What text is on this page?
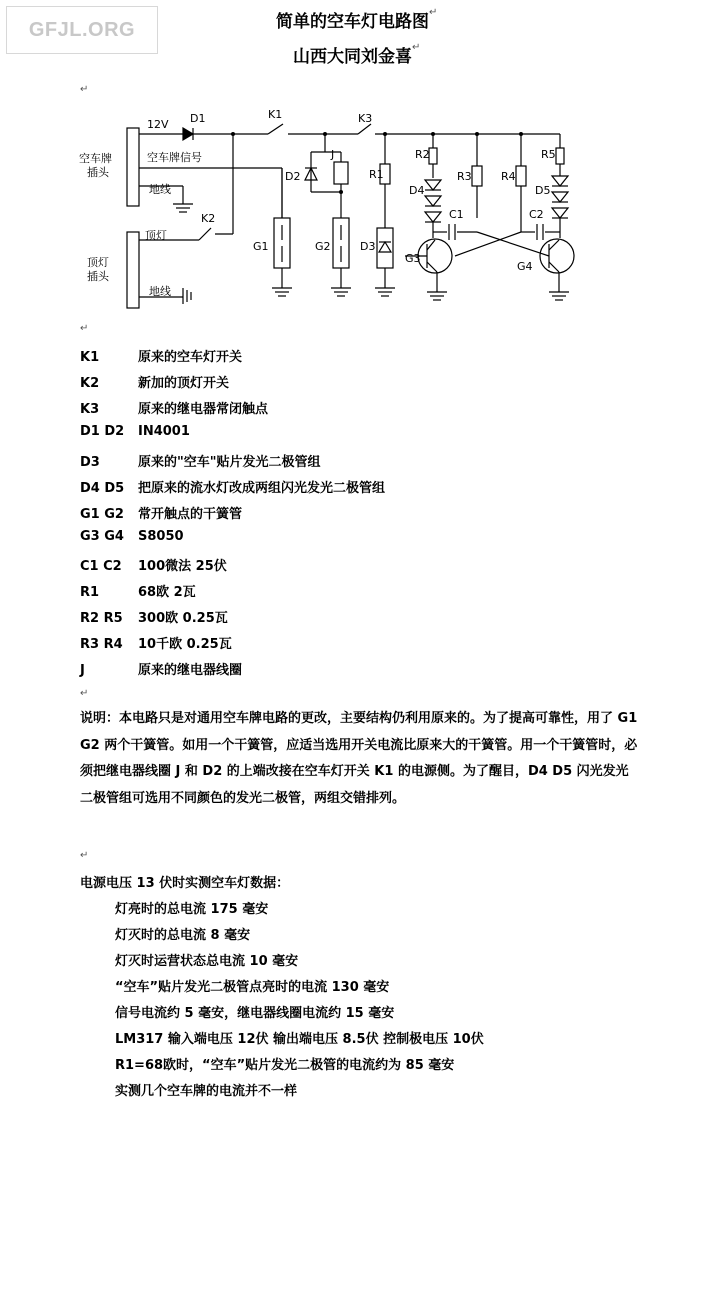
GFJL.ORG	简单的空车灯电路图 ↵
山西大同刘金喜 ↵
↵
12V
空车牌信号
地线
顶灯
地线
空车牌
插头
顶灯
插头
D1	K1	K3
K2
D2
J
R1
R2
R3	R4
R5
D4	D5
C1	C2
G1	G2	D3
G3
G4
↵
K1	原来的空车灯开关
K2	新加的顶灯开关
K3	原来的继电器常闭触点
D1 D2 IN4001
D3	原来的"空车"贴片发光二极管组
D4 D5 把原来的流水灯改成两组闪光发光二极管组
G1 G2 常开触点的干簧管
G3 G4 S8050
C1 C2 100微法 25伏
R1	68欧 2瓦
R2 R5 300欧 0.25瓦
R3 R4 10千欧 0.25瓦
J	原来的继电器线圈
↵
说明：本电路只是对通用空车牌电路的更改，主要结构仍利用原来的。为了提高可靠性，用了 G1 G2 两个干簧管。如用一个干簧管，应适当选用开关电流比原来大的干簧管。用一个干簧管时，必须把继电器线圈 J 和 D2 的上端改接在空车灯开关 K1 的电源侧。为了醒目，D4 D5 闪光发光二极管组可选用不同颜色的发光二极管，两组交错排列。
↵
电源电压 13 伏时实测空车灯数据：
灯亮时的总电流 175 毫安
灯灭时的总电流 8 毫安
灯灭时运营状态总电流 10 毫安
“空车”贴片发光二极管点亮时的电流 130 毫安
信号电流约 5 毫安，继电器线圈电流约 15 毫安
LM317 输入端电压 12伏 输出端电压 8.5伏 控制极电压 10伏
R1=68欧时，“空车”贴片发光二极管的电流约为 85 毫安
实测几个空车牌的电流并不一样
